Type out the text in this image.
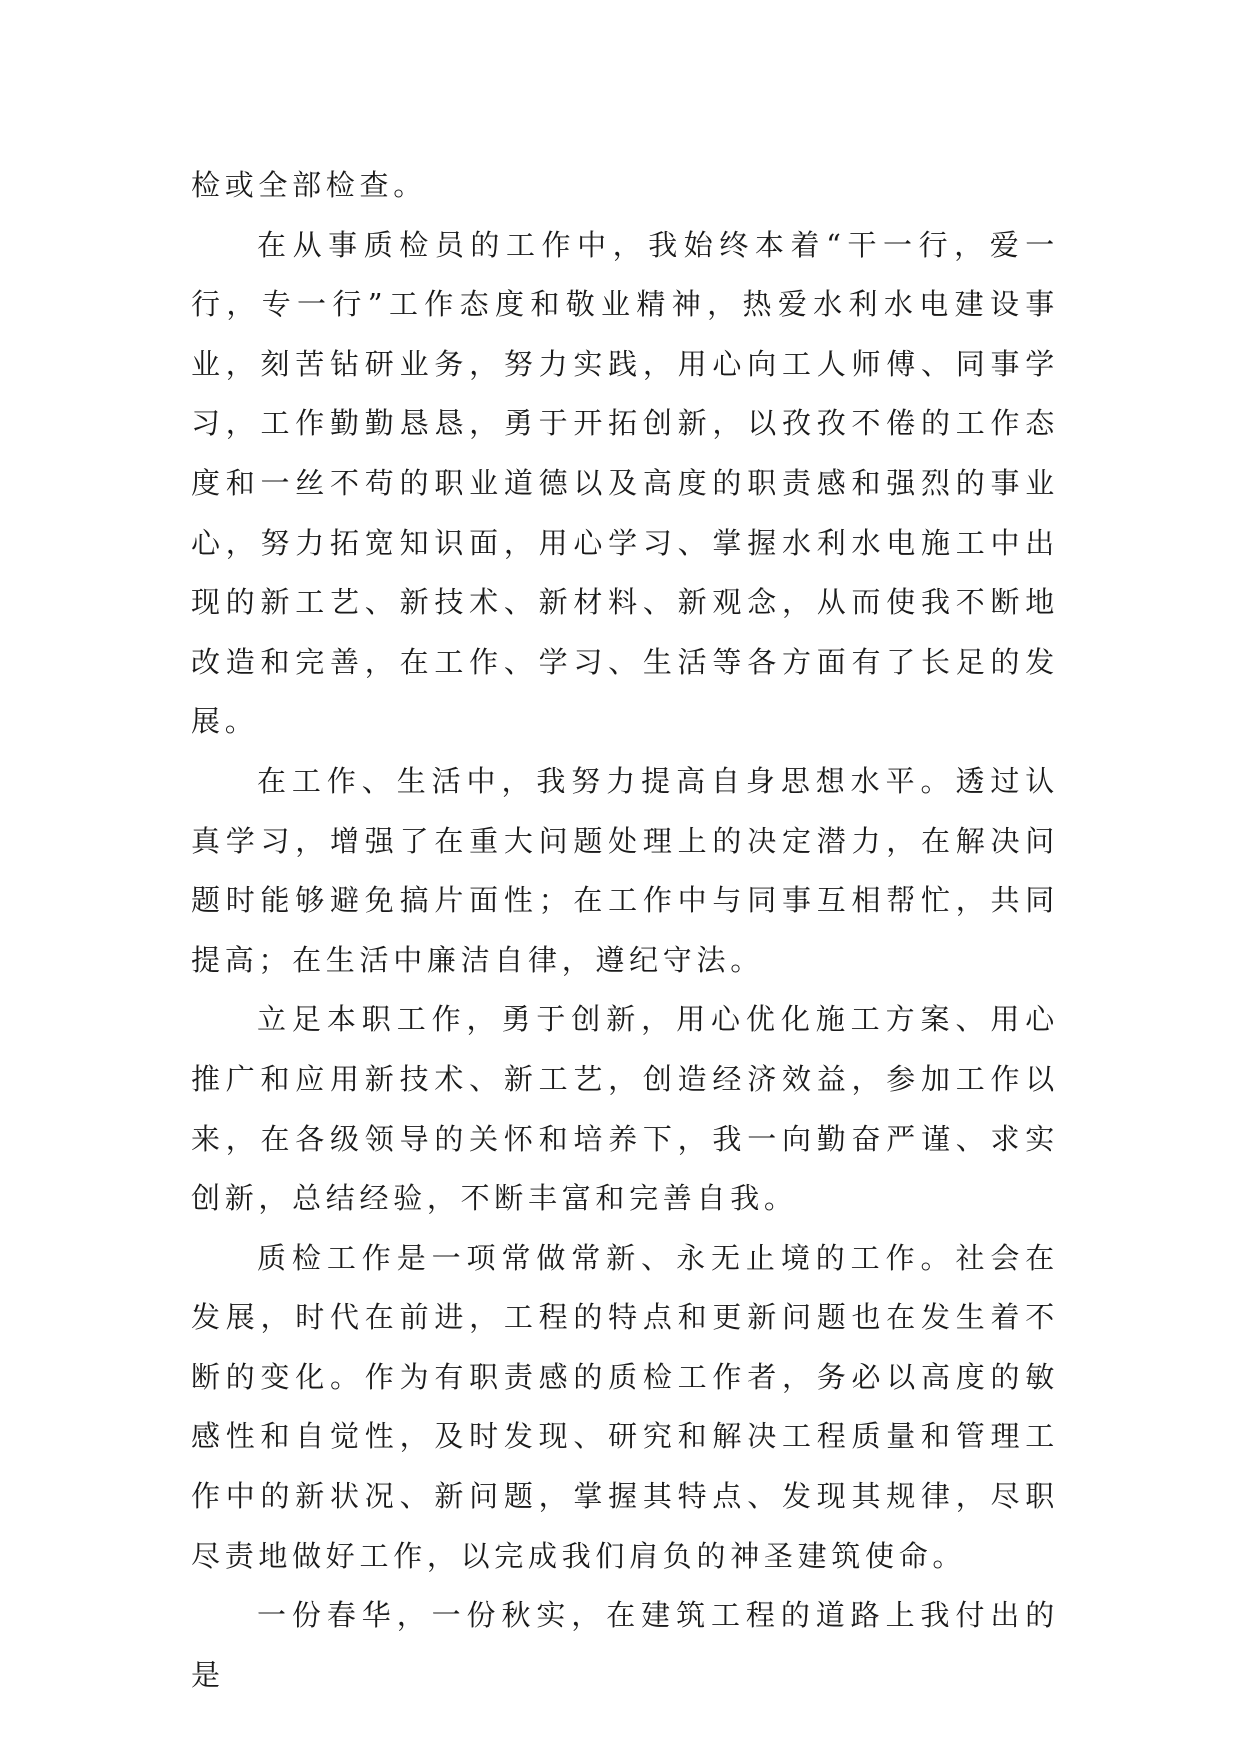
检或全部检查。

在从事质检员的工作中，我始终本着“干一行，爱一行，专一行”工作态度和敬业精神，热爱水利水电建设事业，刻苦钻研业务，努力实践，用心向工人师傅、同事学习，工作勤勤恳恳，勇于开拓创新，以孜孜不倦的工作态度和一丝不苟的职业道德以及高度的职责感和强烈的事业心，努力拓宽知识面，用心学习、掌握水利水电施工中出现的新工艺、新技术、新材料、新观念，从而使我不断地改造和完善，在工作、学习、生活等各方面有了长足的发展。

在工作、生活中，我努力提高自身思想水平。透过认真学习，增强了在重大问题处理上的决定潜力，在解决问题时能够避免搞片面性；在工作中与同事互相帮忙，共同提高；在生活中廉洁自律，遵纪守法。

立足本职工作，勇于创新，用心优化施工方案、用心推广和应用新技术、新工艺，创造经济效益，参加工作以来，在各级领导的关怀和培养下，我一向勤奋严谨、求实创新，总结经验，不断丰富和完善自我。

质检工作是一项常做常新、永无止境的工作。社会在发展，时代在前进，工程的特点和更新问题也在发生着不断的变化。作为有职责感的质检工作者，务必以高度的敏感性和自觉性，及时发现、研究和解决工程质量和管理工作中的新状况、新问题，掌握其特点、发现其规律，尽职尽责地做好工作，以完成我们肩负的神圣建筑使命。

一份春华，一份秋实，在建筑工程的道路上我付出的是
